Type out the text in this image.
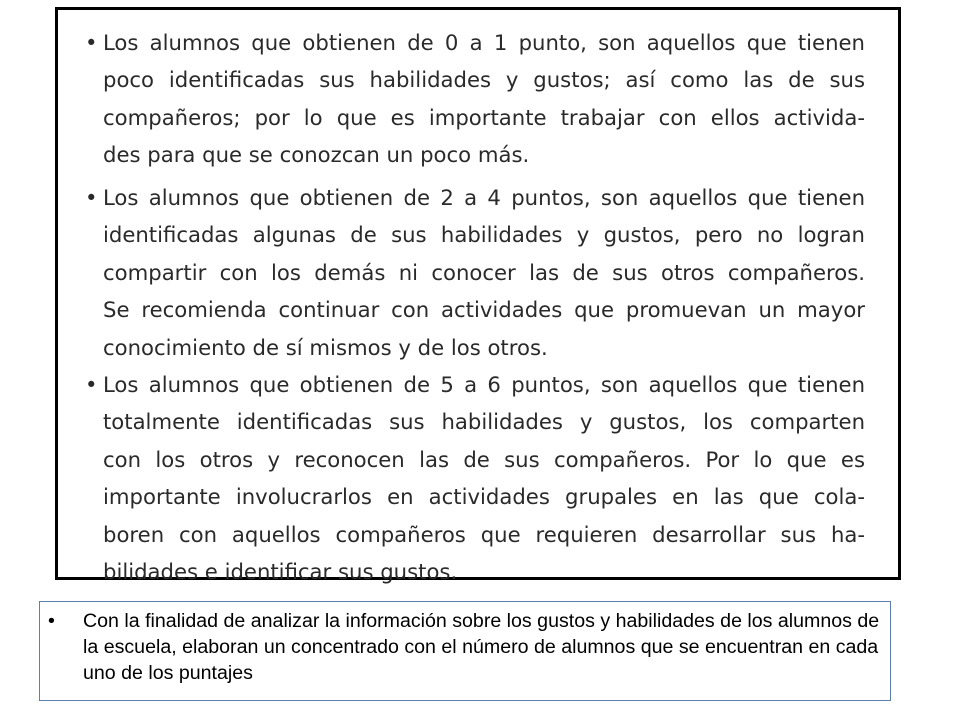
• Los alumnos que obtienen de 0 a 1 punto, son aquellos que tienen
poco identificadas sus habilidades y gustos; así como las de sus
compañeros; por lo que es importante trabajar con ellos activida-
des para que se conozcan un poco más.
• Los alumnos que obtienen de 2 a 4 puntos, son aquellos que tienen
identificadas algunas de sus habilidades y gustos, pero no logran
compartir con los demás ni conocer las de sus otros compañeros.
Se recomienda continuar con actividades que promuevan un mayor
conocimiento de sí mismos y de los otros.
• Los alumnos que obtienen de 5 a 6 puntos, son aquellos que tienen
totalmente identificadas sus habilidades y gustos, los comparten
con los otros y reconocen las de sus compañeros. Por lo que es
importante involucrarlos en actividades grupales en las que cola-
boren con aquellos compañeros que requieren desarrollar sus ha-
bilidades e identificar sus gustos.
• Con la finalidad de analizar la información sobre los gustos y habilidades de los alumnos de la escuela, elaboran un concentrado con el número de alumnos que se encuentran en cada uno de los puntajes
